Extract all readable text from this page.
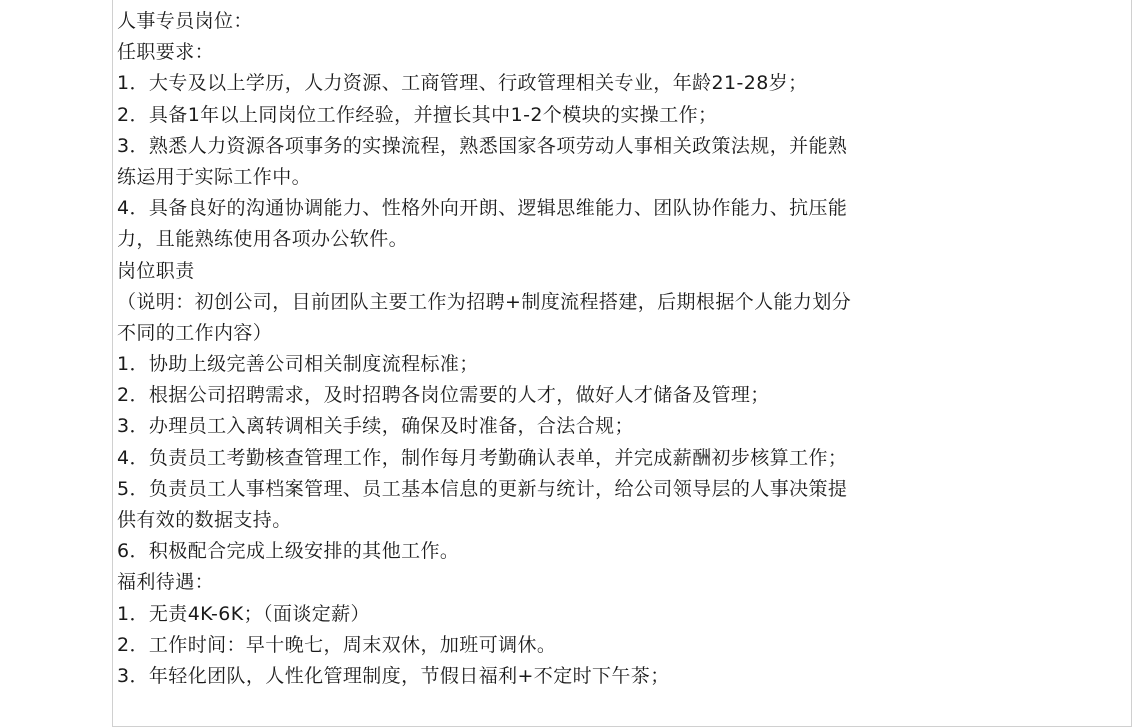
人事专员岗位：
任职要求：
1．大专及以上学历，人力资源、工商管理、行政管理相关专业，年龄21-28岁；
2．具备1年以上同岗位工作经验，并擅长其中1-2个模块的实操工作；
3．熟悉人力资源各项事务的实操流程，熟悉国家各项劳动人事相关政策法规，并能熟
练运用于实际工作中。
4．具备良好的沟通协调能力、性格外向开朗、逻辑思维能力、团队协作能力、抗压能
力，且能熟练使用各项办公软件。
岗位职责
（说明：初创公司，目前团队主要工作为招聘+制度流程搭建，后期根据个人能力划分
不同的工作内容）
1．协助上级完善公司相关制度流程标准；
2．根据公司招聘需求，及时招聘各岗位需要的人才，做好人才储备及管理；
3．办理员工入离转调相关手续，确保及时准备，合法合规；
4．负责员工考勤核查管理工作，制作每月考勤确认表单，并完成薪酬初步核算工作；
5．负责员工人事档案管理、员工基本信息的更新与统计，给公司领导层的人事决策提
供有效的数据支持。
6．积极配合完成上级安排的其他工作。
福利待遇：
1．无责4K-6K；（面谈定薪）
2．工作时间：早十晚七，周末双休，加班可调休。
3．年轻化团队，人性化管理制度，节假日福利+不定时下午茶；
